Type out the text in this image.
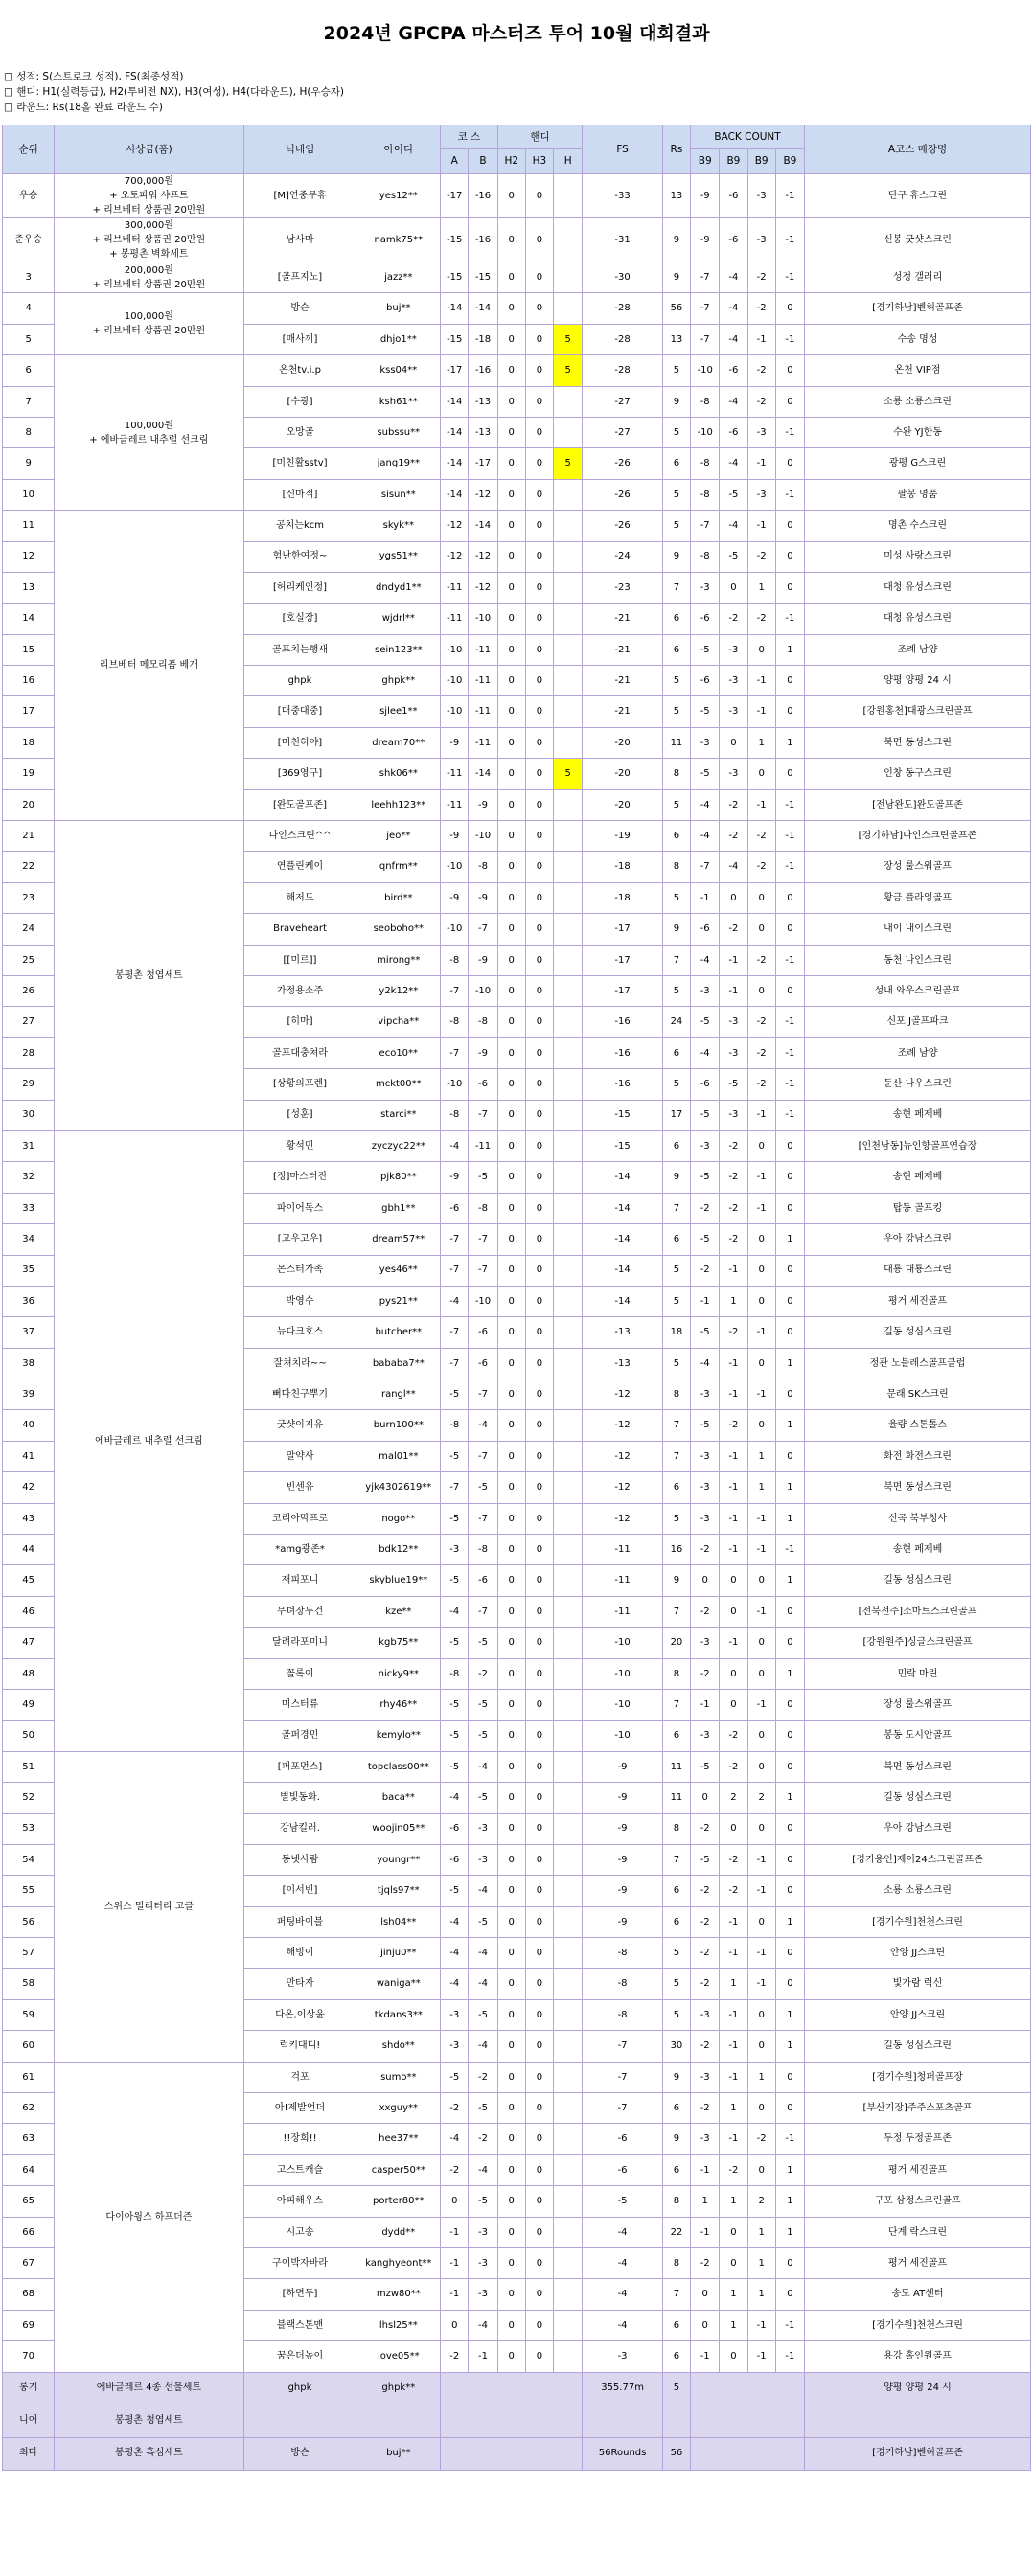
2024년 GPCPA 마스터즈 투어 10월 대회결과
□ 성적: S(스트로크 성적), FS(최종성적)
□ 핸디: H1(실력등급), H2(투비전 NX), H3(여성), H4(다라운드), H(우승자)
□ 라운드: Rs(18홀 완료 라운드 수)
순위	시상금(품)	닉네임	아이디	코 스		핸디			FS	Rs	BACK COUNT				A코스 매장명
				A	B	H2	H3	H			B9	B9	B9	B9	
우승	700,000원
+ 오토파워 샤프트
+ 리브베터 상품권 20만원	[M]연중무휴	yes12**	-17	-16	0	0		-33	13	-9	-6	-3	-1	단구 휴스크린
준우승	300,000원
+ 리브베터 상품권 20만원
+ 봉평촌 벽화세트	남사마	namk75**	-15	-16	0	0		-31	9	-9	-6	-3	-1	신봉 굿샷스크린
3	200,000원
+ 리브베터 상품권 20만원	[골프지노]	jazz**	-15	-15	0	0		-30	9	-7	-4	-2	-1	성정 갤러리
4	100,000원
+ 리브베터 상품권 20만원	방슨	buj**	-14	-14	0	0		-28	56	-7	-4	-2	0	[경기하남]벤허골프존
5		[매사끼]	dhjo1**	-15	-18	0	0	5	-28	13	-7	-4	-1	-1	수송 명성
6	100,000원
+ 에바글레르 내추럴 선크림	온천tv.i.p	kss04**	-17	-16	0	0	5	-28	5	-10	-6	-2	0	온천 VIP점
7		[수광]	ksh61**	-14	-13	0	0		-27	9	-8	-4	-2	0	소룡 소룡스크린
8		오망골	subssu**	-14	-13	0	0		-27	5	-10	-6	-3	-1	수완 YJ한동
9		[미친활sstv]	jang19**	-14	-17	0	0	5	-26	6	-8	-4	-1	0	광평 G스크린
10		[신마적]	sisun**	-14	-12	0	0		-26	5	-8	-5	-3	-1	팔봉 명품
11	리브베터 메모리폼 베개	공치는kcm	skyk**	-12	-14	0	0		-26	5	-7	-4	-1	0	명촌 수스크린
12		험난한여정~	ygs51**	-12	-12	0	0		-24	9	-8	-5	-2	0	미성 사랑스크린
13		[허리케인정]	dndyd1**	-11	-12	0	0		-23	7	-3	0	1	0	대청 유성스크린
14		[호실장]	wjdrl**	-11	-10	0	0		-21	6	-6	-2	-2	-1	대청 유성스크린
15		골프치는행새	sein123**	-10	-11	0	0		-21	6	-5	-3	0	1	조례 남양
16		ghpk	ghpk**	-10	-11	0	0		-21	5	-6	-3	-1	0	양평 양평 24 시
17		[대중대중]	sjlee1**	-10	-11	0	0		-21	5	-5	-3	-1	0	[강원홍천]대광스크린골프
18		[미친히야]	dream70**	-9	-11	0	0		-20	11	-3	0	1	1	북면 동성스크린
19		[369영구]	shk06**	-11	-14	0	0	5	-20	8	-5	-3	0	0	인창 동구스크린
20		[완도골프존]	leehh123**	-11	-9	0	0		-20	5	-4	-2	-1	-1	[전남완도]완도골프존
21	봉평촌 청엽세트	나인스크린^^	jeo**	-9	-10	0	0		-19	6	-4	-2	-2	-1	[경기하남]나인스크린골프존
22		연플린케이	qnfrm**	-10	-8	0	0		-18	8	-7	-4	-2	-1	장성 룰스워골프
23		해저드	bird**	-9	-9	0	0		-18	5	-1	0	0	0	황금 플라잉골프
24		Braveheart	seoboho**	-10	-7	0	0		-17	9	-6	-2	0	0	내이 내이스크린
25		[[미르]]	mirong**	-8	-9	0	0		-17	7	-4	-1	-2	-1	동천 나인스크린
26		가정용소주	y2k12**	-7	-10	0	0		-17	5	-3	-1	0	0	성내 와우스크린골프
27		[히마]	vipcha**	-8	-8	0	0		-16	24	-5	-3	-2	-1	신포 J골프파크
28		골프대충쳐라	eco10**	-7	-9	0	0		-16	6	-4	-3	-2	-1	조례 남양
29		[상황의프렌]	mckt00**	-10	-6	0	0		-16	5	-6	-5	-2	-1	둔산 나우스크린
30		[성훈]	starci**	-8	-7	0	0		-15	17	-5	-3	-1	-1	송현 페제베
31	에바글레르 내추럴 선크림	황석민	zyczyc22**	-4	-11	0	0		-15	6	-3	-2	0	0	[인천남동]뉴인향골프연습장
32		[정]마스터진	pjk80**	-9	-5	0	0		-14	9	-5	-2	-1	0	송현 페제베
33		파이어독스	gbh1**	-6	-8	0	0		-14	7	-2	-2	-1	0	탑동 골프킹
34		[고우고우]	dream57**	-7	-7	0	0		-14	6	-5	-2	0	1	우아 강남스크린
35		몬스터가족	yes46**	-7	-7	0	0		-14	5	-2	-1	0	0	대룡 대룡스크린
36		박영수	pys21**	-4	-10	0	0		-14	5	-1	1	0	0	평거 세진골프
37		뉴다크호스	butcher**	-7	-6	0	0		-13	18	-5	-2	-1	0	길동 성심스크린
38		잘쳐치라~~	bababa7**	-7	-6	0	0		-13	5	-4	-1	0	1	정관 노블레스골프클럽
39		뻐다친구뿌기	rangl**	-5	-7	0	0		-12	8	-3	-1	-1	0	문래 SK스크린
40		굿샷이지유	burn100**	-8	-4	0	0		-12	7	-5	-2	0	1	율량 스톤톨스
41		말약사	mal01**	-5	-7	0	0		-12	7	-3	-1	1	0	화전 화전스크린
42		빈센유	yjk4302619**	-7	-5	0	0		-12	6	-3	-1	1	1	북면 동성스크린
43		코리아막프로	nogo**	-5	-7	0	0		-12	5	-3	-1	-1	1	신곡 북부청사
44		*amg광존*	bdk12**	-3	-8	0	0		-11	16	-2	-1	-1	-1	송현 페제베
45		재피포니	skyblue19**	-5	-6	0	0		-11	9	0	0	0	1	길동 성심스크린
46		무뎌장두건	kze**	-4	-7	0	0		-11	7	-2	0	-1	0	[전북전주]소마트스크린골프
47		달려라포미니	kgb75**	-5	-5	0	0		-10	20	-3	-1	0	0	[강원원주]싱글스크린골프
48		꼴록이	nicky9**	-8	-2	0	0		-10	8	-2	0	0	1	민락 마린
49		미스터류	rhy46**	-5	-5	0	0		-10	7	-1	0	-1	0	장성 룰스워골프
50		골퍼경민	kemylo**	-5	-5	0	0		-10	6	-3	-2	0	0	봉동 도시안골프
51	스위스 밀리터리 고글	[퍼포먼스]	topclass00**	-5	-4	0	0		-9	11	-5	-2	0	0	북면 동성스크린
52		별빛동화.	baca**	-4	-5	0	0		-9	11	0	2	2	1	길동 성심스크린
53		강남킬러.	woojin05**	-6	-3	0	0		-9	8	-2	0	0	0	우아 강남스크린
54		동넷사람	youngr**	-6	-3	0	0		-9	7	-5	-2	-1	0	[경기용인]제이24스크린골프존
55		[이서빈]	tjqls97**	-5	-4	0	0		-9	6	-2	-2	-1	0	소룡 소룡스크린
56		퍼팅바이블	lsh04**	-4	-5	0	0		-9	6	-2	-1	0	1	[경기수원]천천스크린
57		해빙이	jinju0**	-4	-4	0	0		-8	5	-2	-1	-1	0	안양 JJ스크린
58		만타자	waniga**	-4	-4	0	0		-8	5	-2	1	-1	0	빛가람 럭신
59		다온,이상윤	tkdans3**	-3	-5	0	0		-8	5	-3	-1	0	1	안양 JJ스크린
60		럭키대디!	shdo**	-3	-4	0	0		-7	30	-2	-1	0	1	길동 성심스크린
61	다이아윙스 하프더즌	걱포	sumo**	-5	-2	0	0		-7	9	-3	-1	1	0	[경기수원]청퍼골프장
62		아!제발언더	xxguy**	-2	-5	0	0		-7	6	-2	1	0	0	[부산기장]주주스포츠골프
63		!!장희!!	hee37**	-4	-2	0	0		-6	9	-3	-1	-2	-1	두정 두정골프존
64		고스트캐슬	casper50**	-2	-4	0	0		-6	6	-1	-2	0	1	평거 세진골프
65		아피해우스	porter80**	0	-5	0	0		-5	8	1	1	2	1	구포 삼정스크린골프
66		시고송	dydd**	-1	-3	0	0		-4	22	-1	0	1	1	단계 락스크린
67		구이박자바라	kanghyeont**	-1	-3	0	0		-4	8	-2	0	1	0	평거 세진골프
68		[하면두]	mzw80**	-1	-3	0	0		-4	7	0	1	1	0	송도 AT센터
69		블랙스톤맨	lhsl25**	0	-4	0	0		-4	6	0	1	-1	-1	[경기수원]천천스크린
70		꿈은더높이	love05**	-2	-1	0	0		-3	6	-1	0	-1	-1	용강 홀인원골프
롱기	에바글레르 4종 선물세트	ghpk	ghpk**						355.77m	5					양평 양평 24 시
니어	봉평촌 청엽세트														
최다	봉평촌 흑심세트	방슨	buj**						56Rounds	56					[경기하남]벤허골프존
